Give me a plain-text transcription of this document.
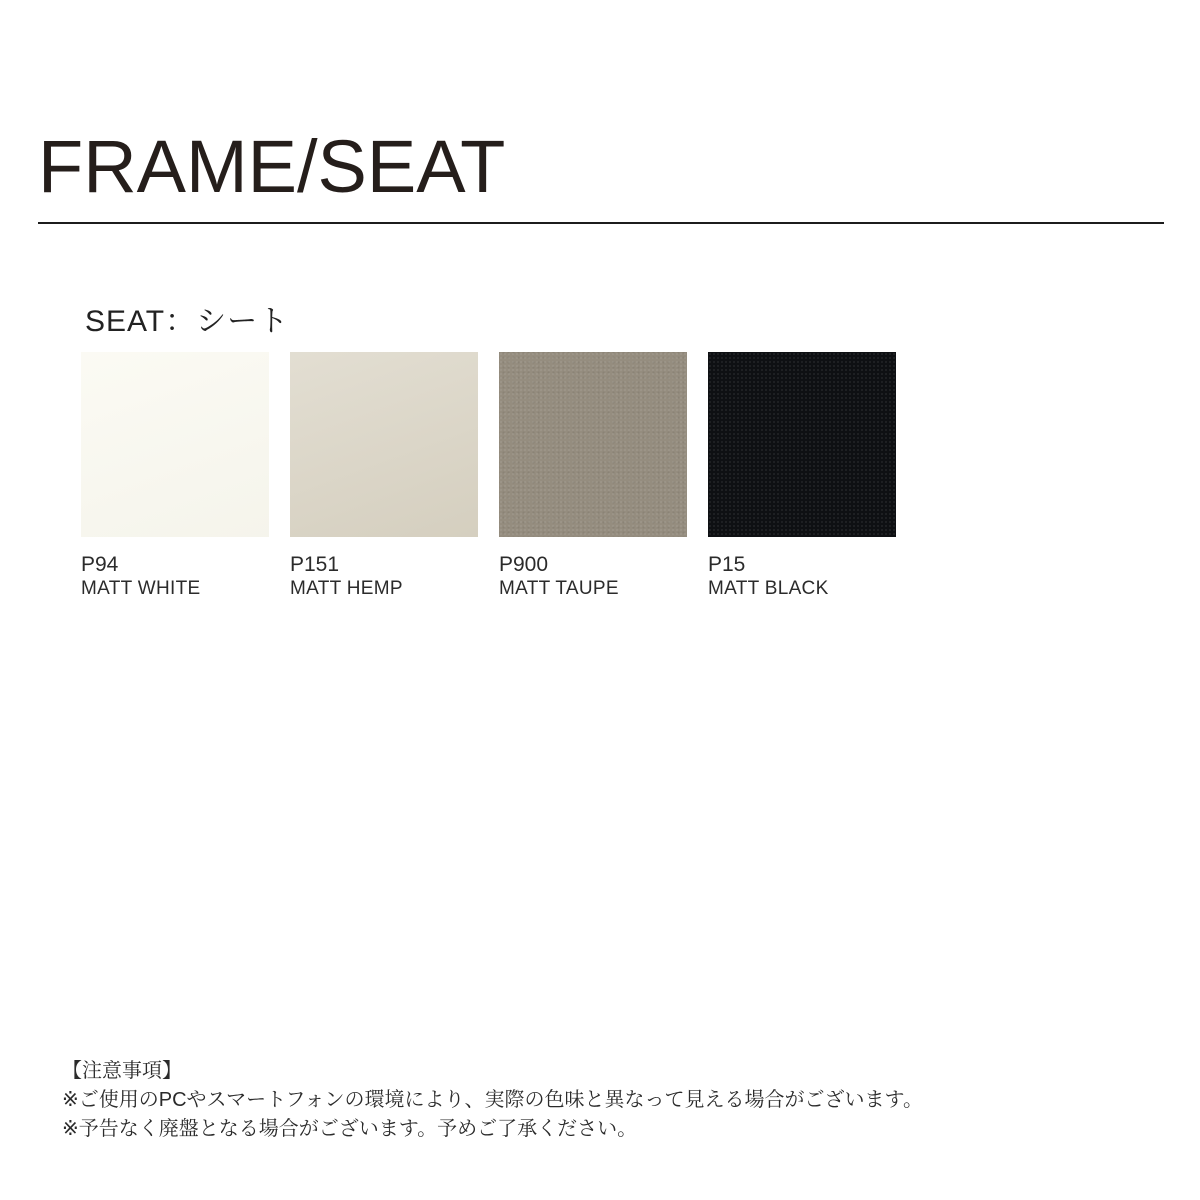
FRAME/SEAT
SEAT：シート
P94
MATT WHITE
P151
MATT HEMP
P900
MATT TAUPE
P15
MATT BLACK
【注意事項】
※ご使用のPCやスマートフォンの環境により、実際の色味と異なって見える場合がございます。
※予告なく廃盤となる場合がございます。予めご了承ください。
